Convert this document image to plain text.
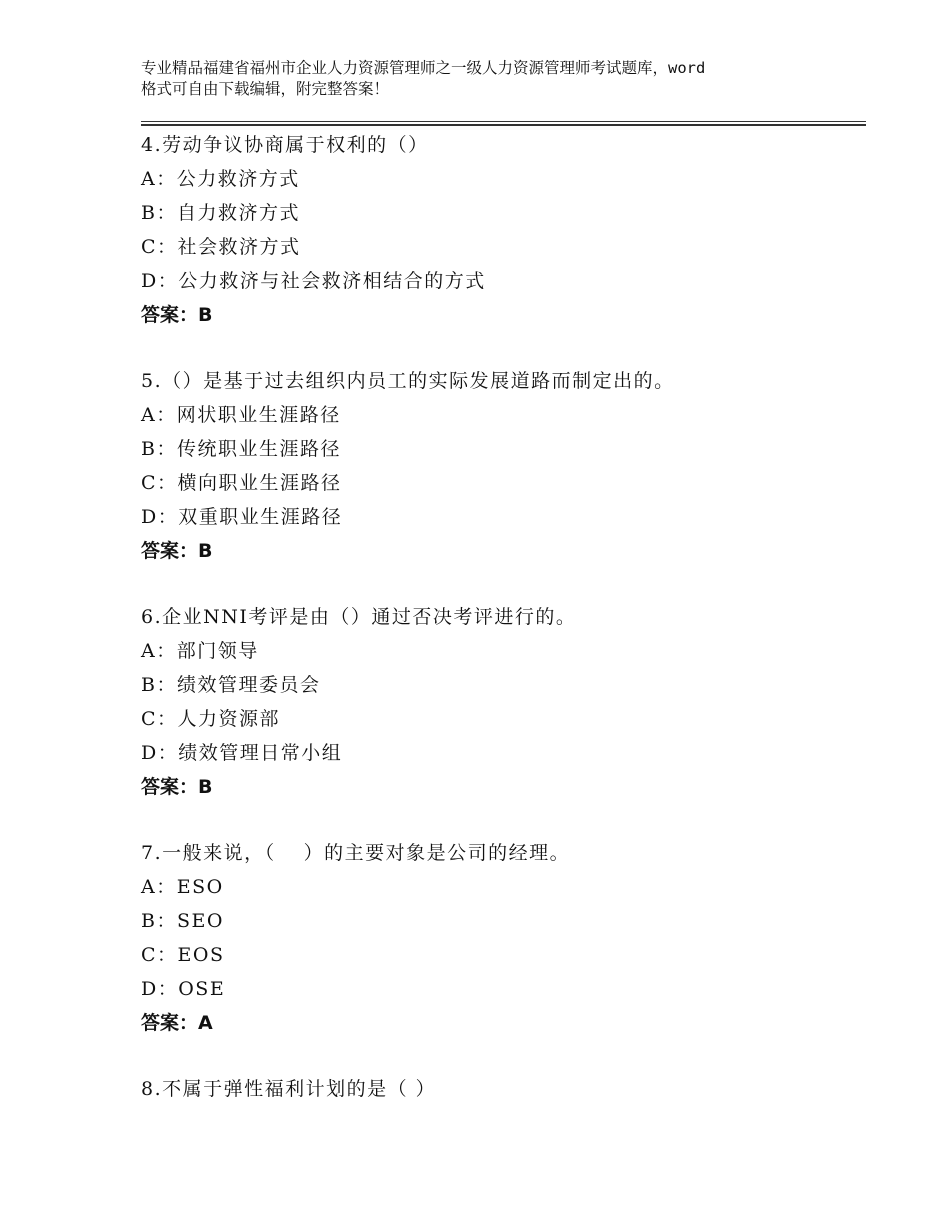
专业精品福建省福州市企业人力资源管理师之一级人力资源管理师考试题库，word
格式可自由下载编辑，附完整答案！
4.劳动争议协商属于权利的（）
A：公力救济方式
B：自力救济方式
C：社会救济方式
D：公力救济与社会救济相结合的方式
答案：B
5.（）是基于过去组织内员工的实际发展道路而制定出的。
A：网状职业生涯路径
B：传统职业生涯路径
C：横向职业生涯路径
D：双重职业生涯路径
答案：B
6.企业NNI考评是由（）通过否决考评进行的。
A：部门领导
B：绩效管理委员会
C：人力资源部
D：绩效管理日常小组
答案：B
7.一般来说，（　 ）的主要对象是公司的经理。
A：ESO
B：SEO
C：EOS
D：OSE
答案：A
8.不属于弹性福利计划的是（ ）
